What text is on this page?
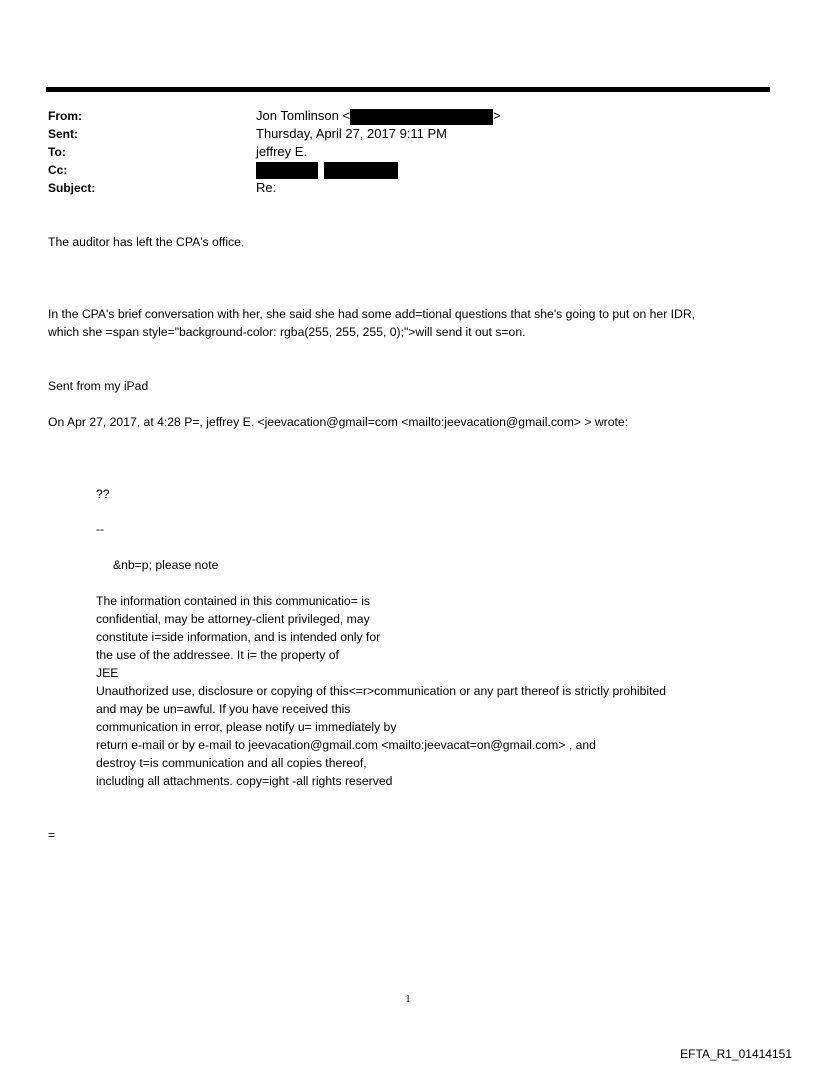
From:	Jon Tomlinson <	>
Sent:	Thursday, April 27, 2017 9:11 PM
To:	jeffrey E.
Cc:

Subject:	Re:
The auditor has left the CPA's office.
In the CPA's brief conversation with her, she said she had some add=tional questions that she's going to put on her IDR,
which she =span style="background-color: rgba(255, 255, 255, 0);">will send it out s=on.
Sent from my iPad
On Apr 27, 2017, at 4:28 P=, jeffrey E. <jeevacation@gmail=com <mailto:jeevacation@gmail.com> > wrote:
??
--
&nb=p; please note
The information contained in this communicatio= is
confidential, may be attorney-client privileged, may
constitute i=side information, and is intended only for
the use of the addressee. It i= the property of
JEE
Unauthorized use, disclosure or copying of this<=r>communication or any part thereof is strictly prohibited
and may be un=awful. If you have received this
communication in error, please notify u= immediately by
return e-mail or by e-mail to jeevacation@gmail.com <mailto:jeevacat=on@gmail.com> , and
destroy t=is communication and all copies thereof,
including all attachments. copy=ight -all rights reserved
=
1
EFTA_R1_01414151
